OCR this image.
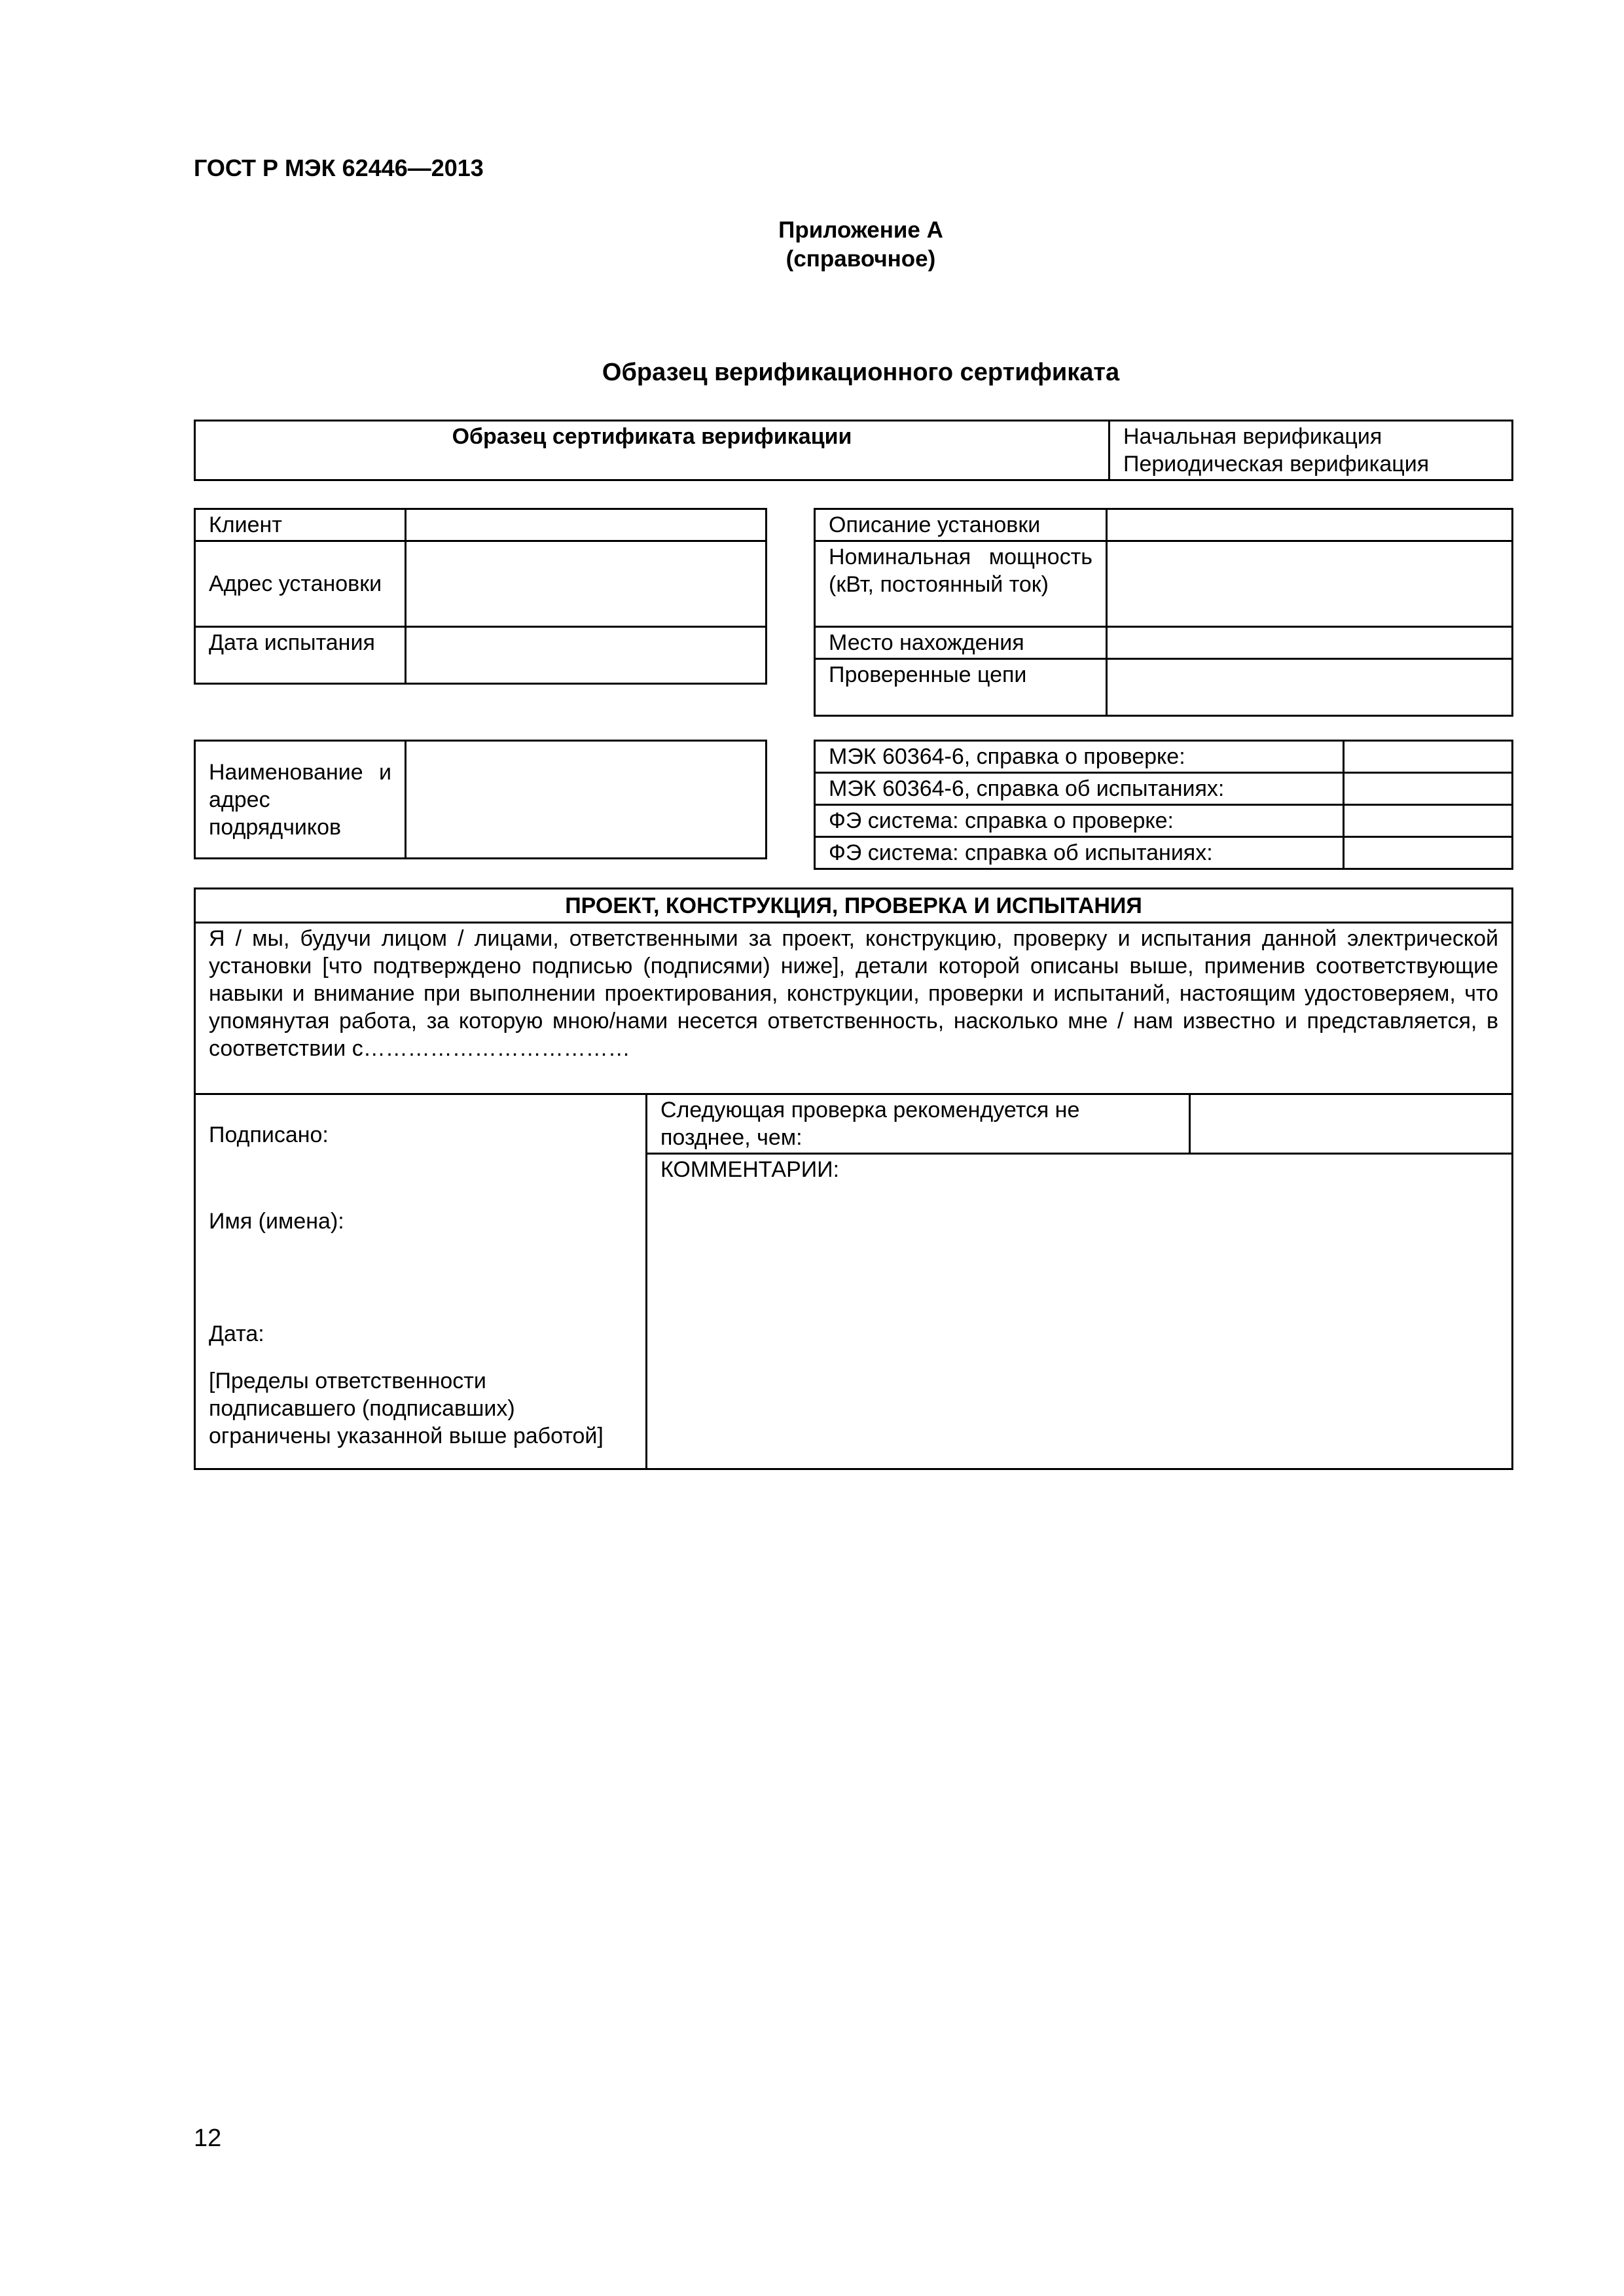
ГОСТ Р МЭК 62446—2013
Приложение А
(справочное)
Образец верификационного сертификата
Образец сертификата верификации	Начальная верификация
Периодическая верификация
Клиент	
Адрес установки	
Дата испытания	
Описание установки	
Номинальная мощность (кВт, постоянный ток)	
Место нахождения	
Проверенные цепи	
Наименование и адрес подрядчиков	
МЭК 60364-6, справка о проверке:	
МЭК 60364-6, справка об испытаниях:	
ФЭ система: справка о проверке:	
ФЭ система: справка об испытаниях:	
ПРОЕКТ, КОНСТРУКЦИЯ, ПРОВЕРКА И ИСПЫТАНИЯ
Я / мы, будучи лицом / лицами, ответственными за проект, конструкцию, проверку и испытания данной электрической установки [что подтверждено подписью (подписями) ниже], детали которой описаны выше, применив соответствующие навыки и внимание при выполнении проектирования, конструкции, проверки и испытаний, настоящим удостоверяем, что упомянутая работа, за которую мною/нами несется ответственность, насколько мне / нам известно и представляется, в соответствии с………………………………

Подписано:
Имя (имена):
Дата:
[Пределы ответственности подписавшего (подписавших) ограничены указанной выше работой]
	Следующая проверка рекомендуется не позднее, чем:	
КОММЕНТАРИИ:
12
